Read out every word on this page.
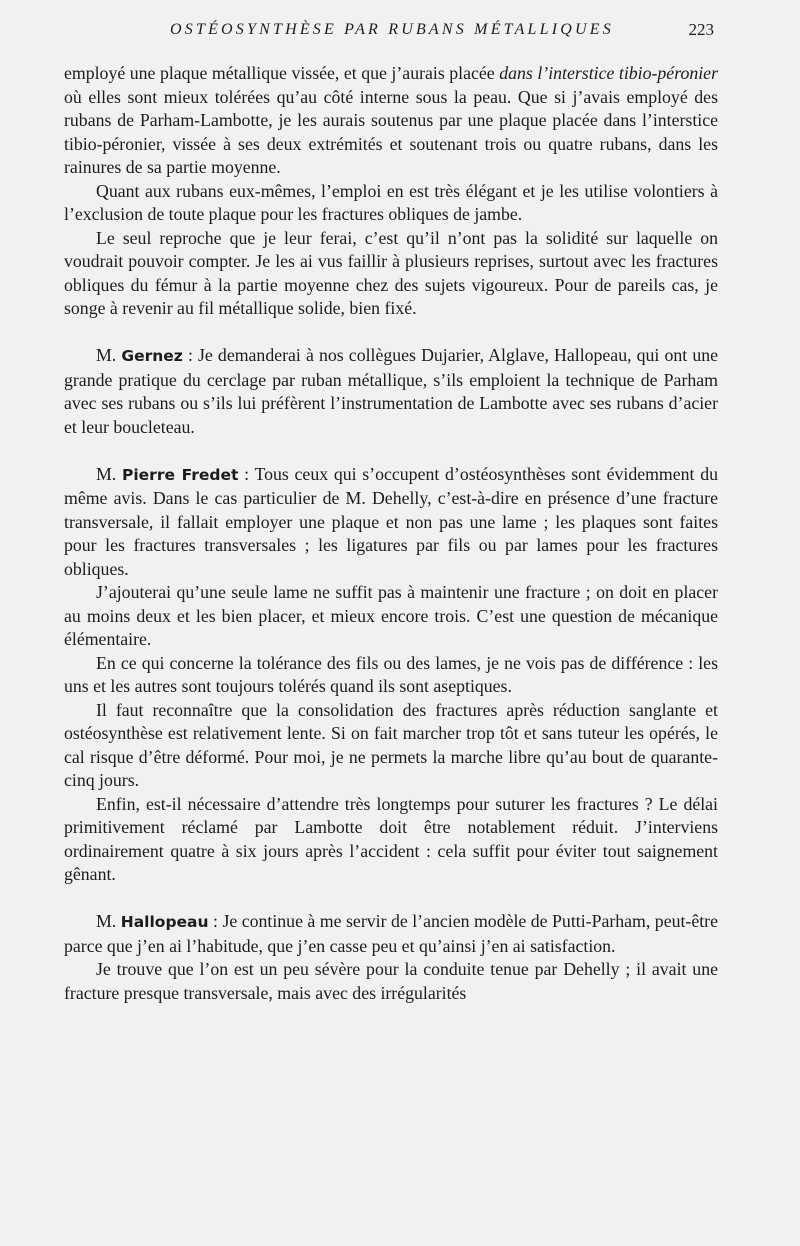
OSTÉOSYNTHÈSE PAR RUBANS MÉTALLIQUES	223

employé une plaque métallique vissée, et que j’aurais placée dans l’interstice tibio-péronier où elles sont mieux tolérées qu’au côté interne sous la peau. Que si j’avais employé des rubans de Parham-Lambotte, je les aurais soutenus par une plaque placée dans l’interstice tibio-péronier, vissée à ses deux extrémités et soutenant trois ou quatre rubans, dans les rainures de sa partie moyenne.

Quant aux rubans eux-mêmes, l’emploi en est très élégant et je les utilise volontiers à l’exclusion de toute plaque pour les fractures obliques de jambe.

Le seul reproche que je leur ferai, c’est qu’il n’ont pas la solidité sur laquelle on voudrait pouvoir compter. Je les ai vus faillir à plusieurs reprises, surtout avec les fractures obliques du fémur à la partie moyenne chez des sujets vigoureux. Pour de pareils cas, je songe à revenir au fil métallique solide, bien fixé.

M. Gernez : Je demanderai à nos collègues Dujarier, Alglave, Hallopeau, qui ont une grande pratique du cerclage par ruban métallique, s’ils emploient la technique de Parham avec ses rubans ou s’ils lui préfèrent l’instrumentation de Lambotte avec ses rubans d’acier et leur boucleteau.

M. Pierre Fredet : Tous ceux qui s’occupent d’ostéosynthèses sont évidemment du même avis. Dans le cas particulier de M. Dehelly, c’est-à-dire en présence d’une fracture transversale, il fallait employer une plaque et non pas une lame ; les plaques sont faites pour les fractures transversales ; les ligatures par fils ou par lames pour les fractures obliques.

J’ajouterai qu’une seule lame ne suffit pas à maintenir une fracture ; on doit en placer au moins deux et les bien placer, et mieux encore trois. C’est une question de mécanique élémentaire.

En ce qui concerne la tolérance des fils ou des lames, je ne vois pas de différence : les uns et les autres sont toujours tolérés quand ils sont aseptiques.

Il faut reconnaître que la consolidation des fractures après réduction sanglante et ostéosynthèse est relativement lente. Si on fait marcher trop tôt et sans tuteur les opérés, le cal risque d’être déformé. Pour moi, je ne permets la marche libre qu’au bout de quarante-cinq jours.

Enfin, est-il nécessaire d’attendre très longtemps pour suturer les fractures ? Le délai primitivement réclamé par Lambotte doit être notablement réduit. J’interviens ordinairement quatre à six jours après l’accident : cela suffit pour éviter tout saignement gênant.

M. Hallopeau : Je continue à me servir de l’ancien modèle de Putti-Parham, peut-être parce que j’en ai l’habitude, que j’en casse peu et qu’ainsi j’en ai satisfaction.

Je trouve que l’on est un peu sévère pour la conduite tenue par Dehelly ; il avait une fracture presque transversale, mais avec des irrégularités
